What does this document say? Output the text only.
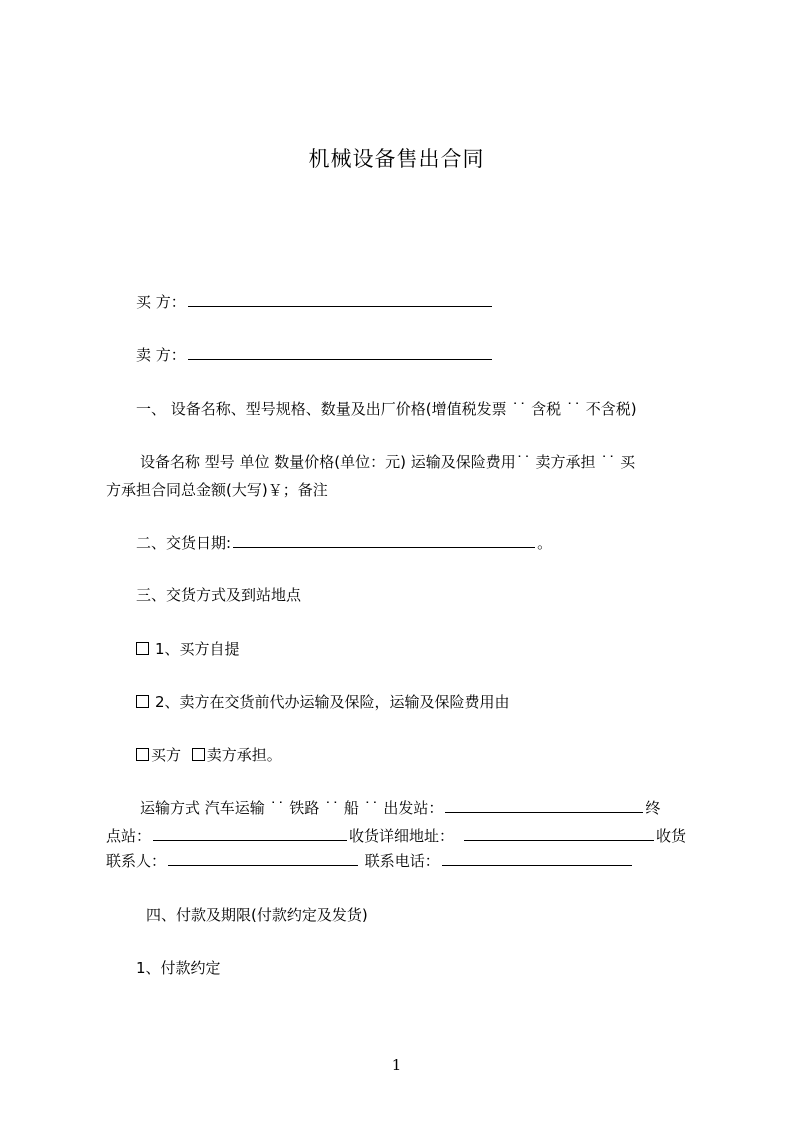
机械设备售出合同
买 方：
卖 方：
一、 设备名称、型号规格、数量及出厂价格(增值税发票 ˙˙ 含税 ˙˙ 不含税)
设备名称 型号 单位 数量价格(单位：元) 运输及保险费用˙˙ 卖方承担 ˙˙ 买
方承担合同总金额(大写)￥；备注
二、交货日期:	。
三、交货方式及到站地点
1、买方自提
2、卖方在交货前代办运输及保险，运输及保险费用由
买方 卖方承担。
运输方式 汽车运输 ˙˙ 铁路 ˙˙ 船 ˙˙ 出发站：	终
点站：	收货详细地址：	收货
联系人：	联系电话：
四、付款及期限(付款约定及发货)
1、付款约定
1
